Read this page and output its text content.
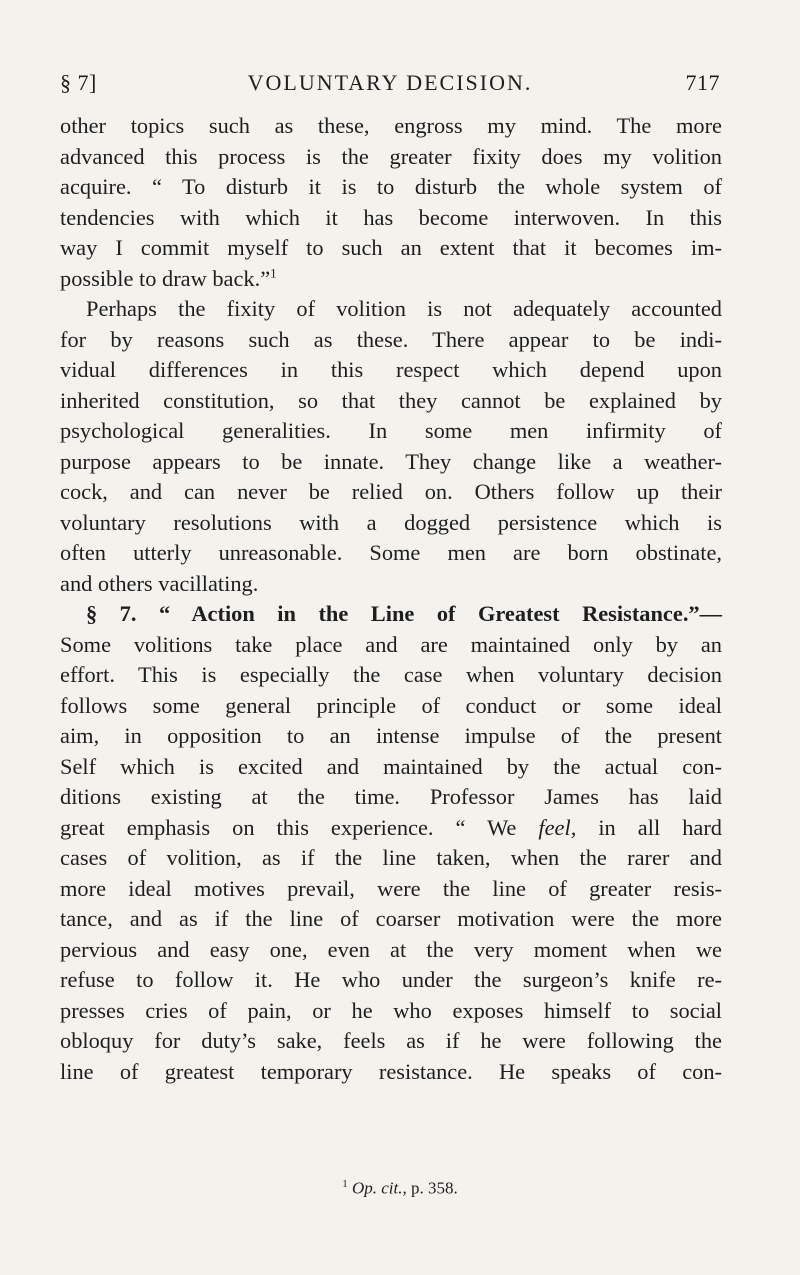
§ 7]	VOLUNTARY DECISION.	717
other topics such as these, engross my mind. The more
advanced this process is the greater fixity does my volition
acquire. “ To disturb it is to disturb the whole system of
tendencies with which it has become interwoven. In this
way I commit myself to such an extent that it becomes im-
possible to draw back.”$^1$
Perhaps the fixity of volition is not adequately accounted
for by reasons such as these. There appear to be indi-
vidual differences in this respect which depend upon
inherited constitution, so that they cannot be explained by
psychological generalities. In some men infirmity of
purpose appears to be innate. They change like a weather-
cock, and can never be relied on. Others follow up their
voluntary resolutions with a dogged persistence which is
often utterly unreasonable. Some men are born obstinate,
and others vacillating.
§ 7. “ Action in the Line of Greatest Resistance.”—
Some volitions take place and are maintained only by an
effort. This is especially the case when voluntary decision
follows some general principle of conduct or some ideal
aim, in opposition to an intense impulse of the present
Self which is excited and maintained by the actual con-
ditions existing at the time. Professor James has laid
great emphasis on this experience. “ We feel, in all hard
cases of volition, as if the line taken, when the rarer and
more ideal motives prevail, were the line of greater resis-
tance, and as if the line of coarser motivation were the more
pervious and easy one, even at the very moment when we
refuse to follow it. He who under the surgeon’s knife re-
presses cries of pain, or he who exposes himself to social
obloquy for duty’s sake, feels as if he were following the
line of greatest temporary resistance. He speaks of con-
$^1$ Op. cit., p. 358.
